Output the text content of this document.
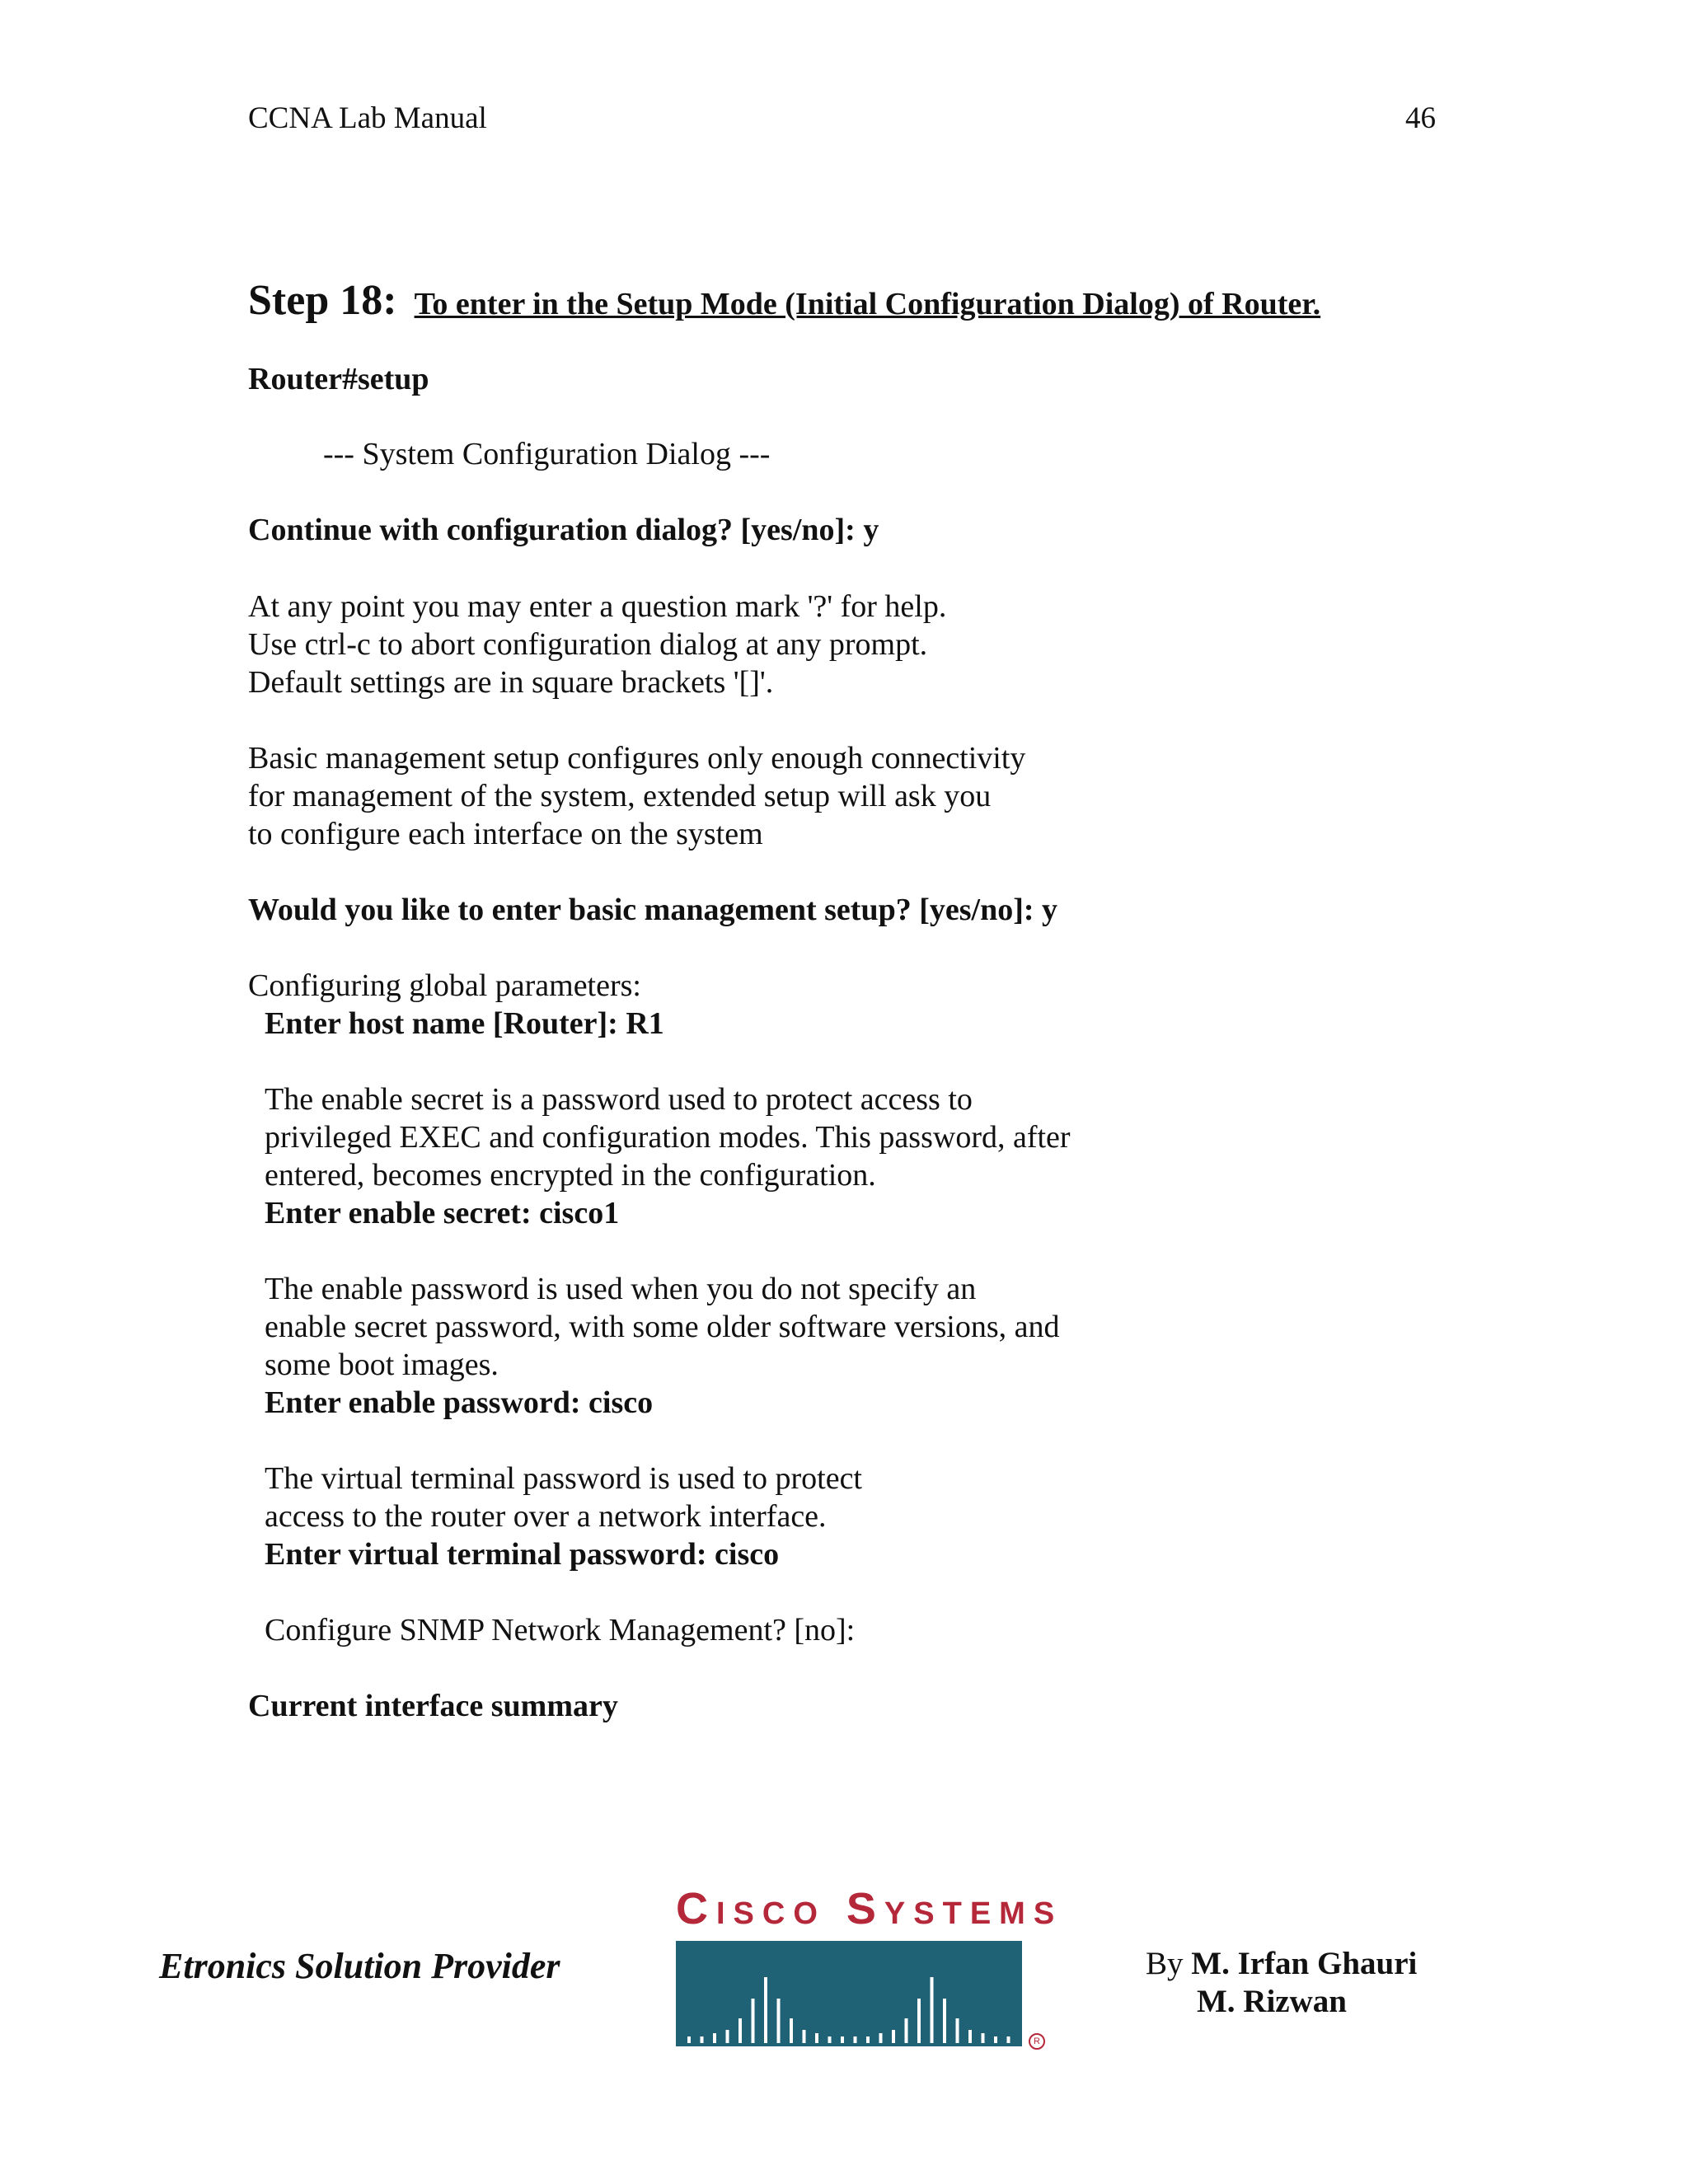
CCNA Lab Manual	46
Step 18: To enter in the Setup Mode (Initial Configuration Dialog) of Router.
Router#setup
--- System Configuration Dialog ---
Continue with configuration dialog? [yes/no]: y
At any point you may enter a question mark '?' for help.
Use ctrl-c to abort configuration dialog at any prompt.
Default settings are in square brackets '[]'.
Basic management setup configures only enough connectivity
for management of the system, extended setup will ask you
to configure each interface on the system
Would you like to enter basic management setup? [yes/no]: y
Configuring global parameters:
Enter host name [Router]: R1
The enable secret is a password used to protect access to
privileged EXEC and configuration modes. This password, after
entered, becomes encrypted in the configuration.
Enter enable secret: cisco1
The enable password is used when you do not specify an
enable secret password, with some older software versions, and
some boot images.
Enter enable password: cisco
The virtual terminal password is used to protect
access to the router over a network interface.
Enter virtual terminal password: cisco
Configure SNMP Network Management? [no]:
Current interface summary
Etronics Solution Provider
Cisco Systems
R
By M. Irfan Ghauri
M. Rizwan
